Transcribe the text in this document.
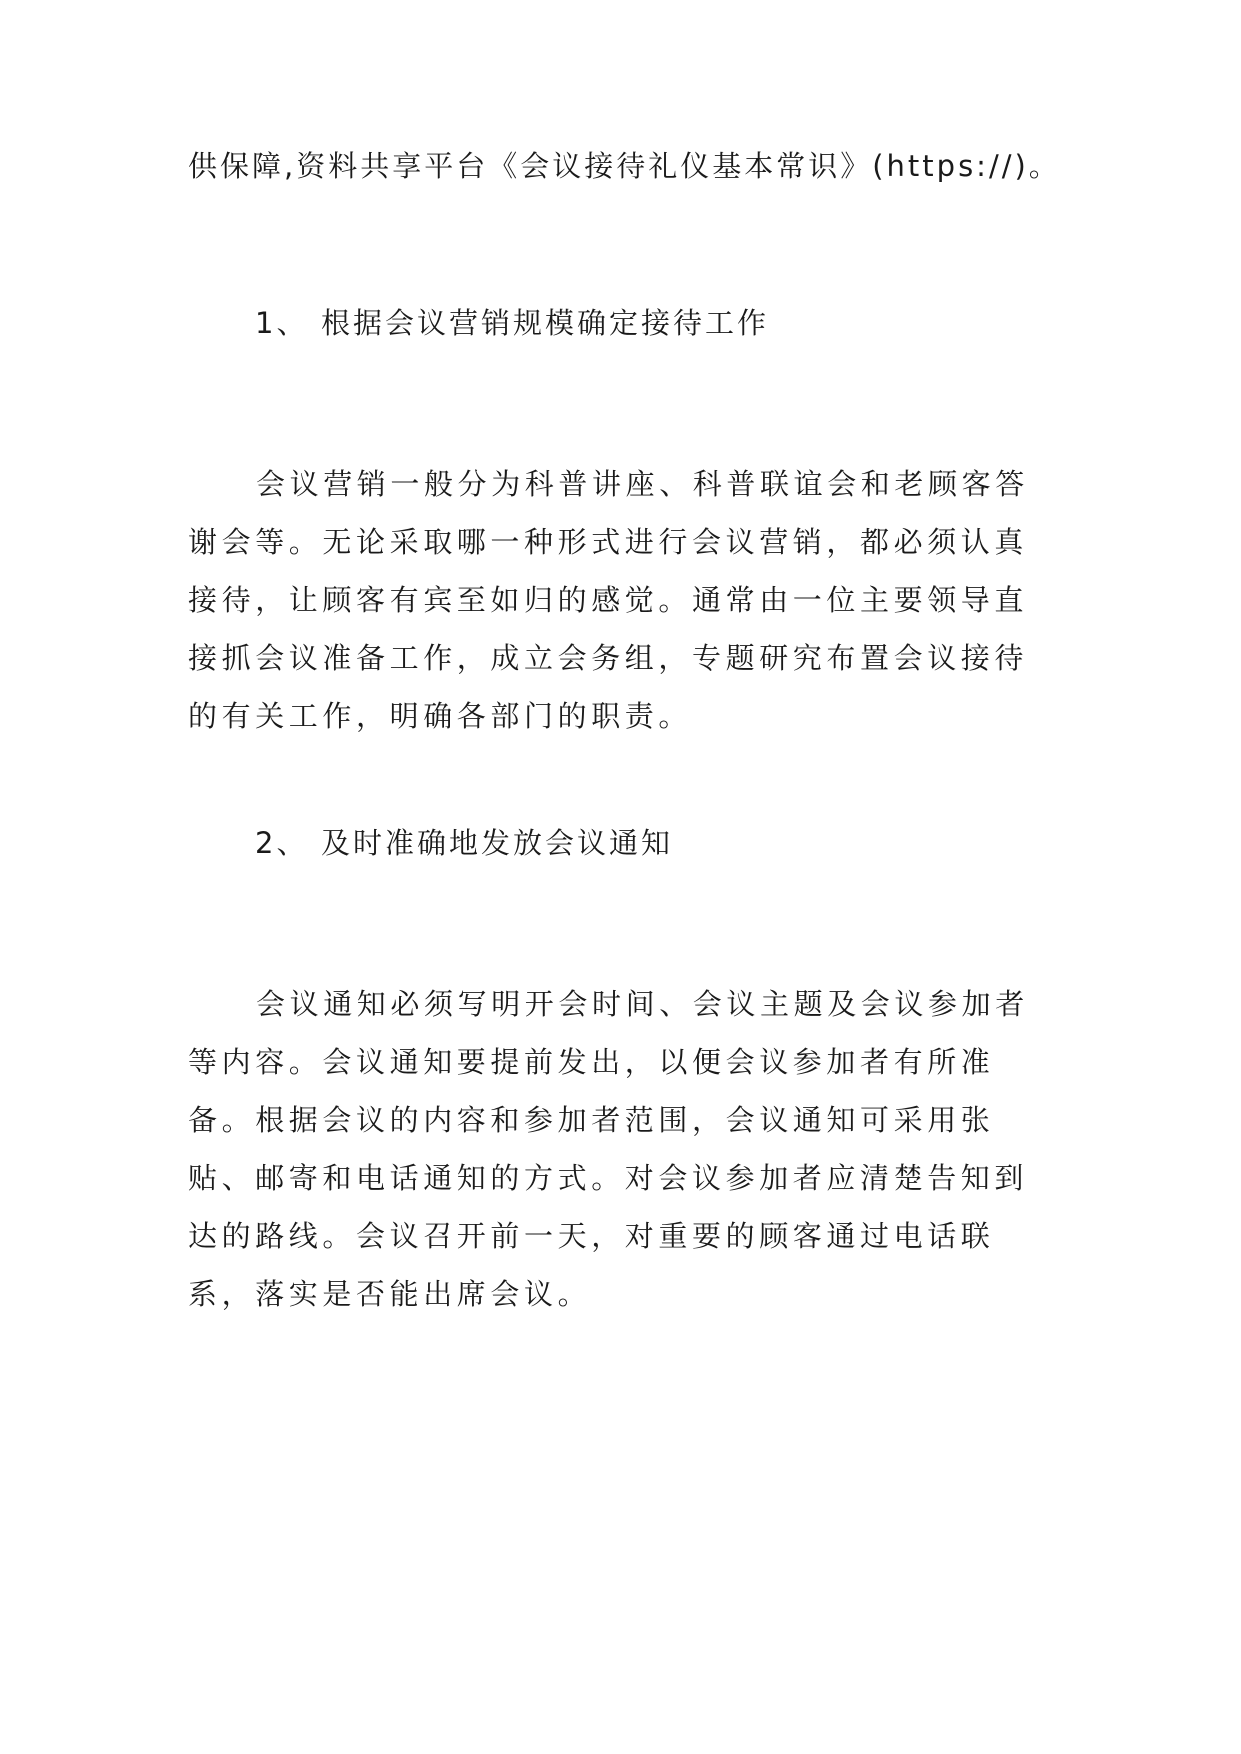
供保障,资料共享平台《会议接待礼仪基本常识》(https://)。
1、 根据会议营销规模确定接待工作

会议营销一般分为科普讲座、科普联谊会和老顾客答谢会等。无论采取哪一种形式进行会议营销，都必须认真接待，让顾客有宾至如归的感觉。通常由一位主要领导直接抓会议准备工作，成立会务组，专题研究布置会议接待的有关工作，明确各部门的职责。

2、 及时准确地发放会议通知

会议通知必须写明开会时间、会议主题及会议参加者等内容。会议通知要提前发出，以便会议参加者有所准备。根据会议的内容和参加者范围，会议通知可采用张贴、邮寄和电话通知的方式。对会议参加者应清楚告知到达的路线。会议召开前一天，对重要的顾客通过电话联系，落实是否能出席会议。
